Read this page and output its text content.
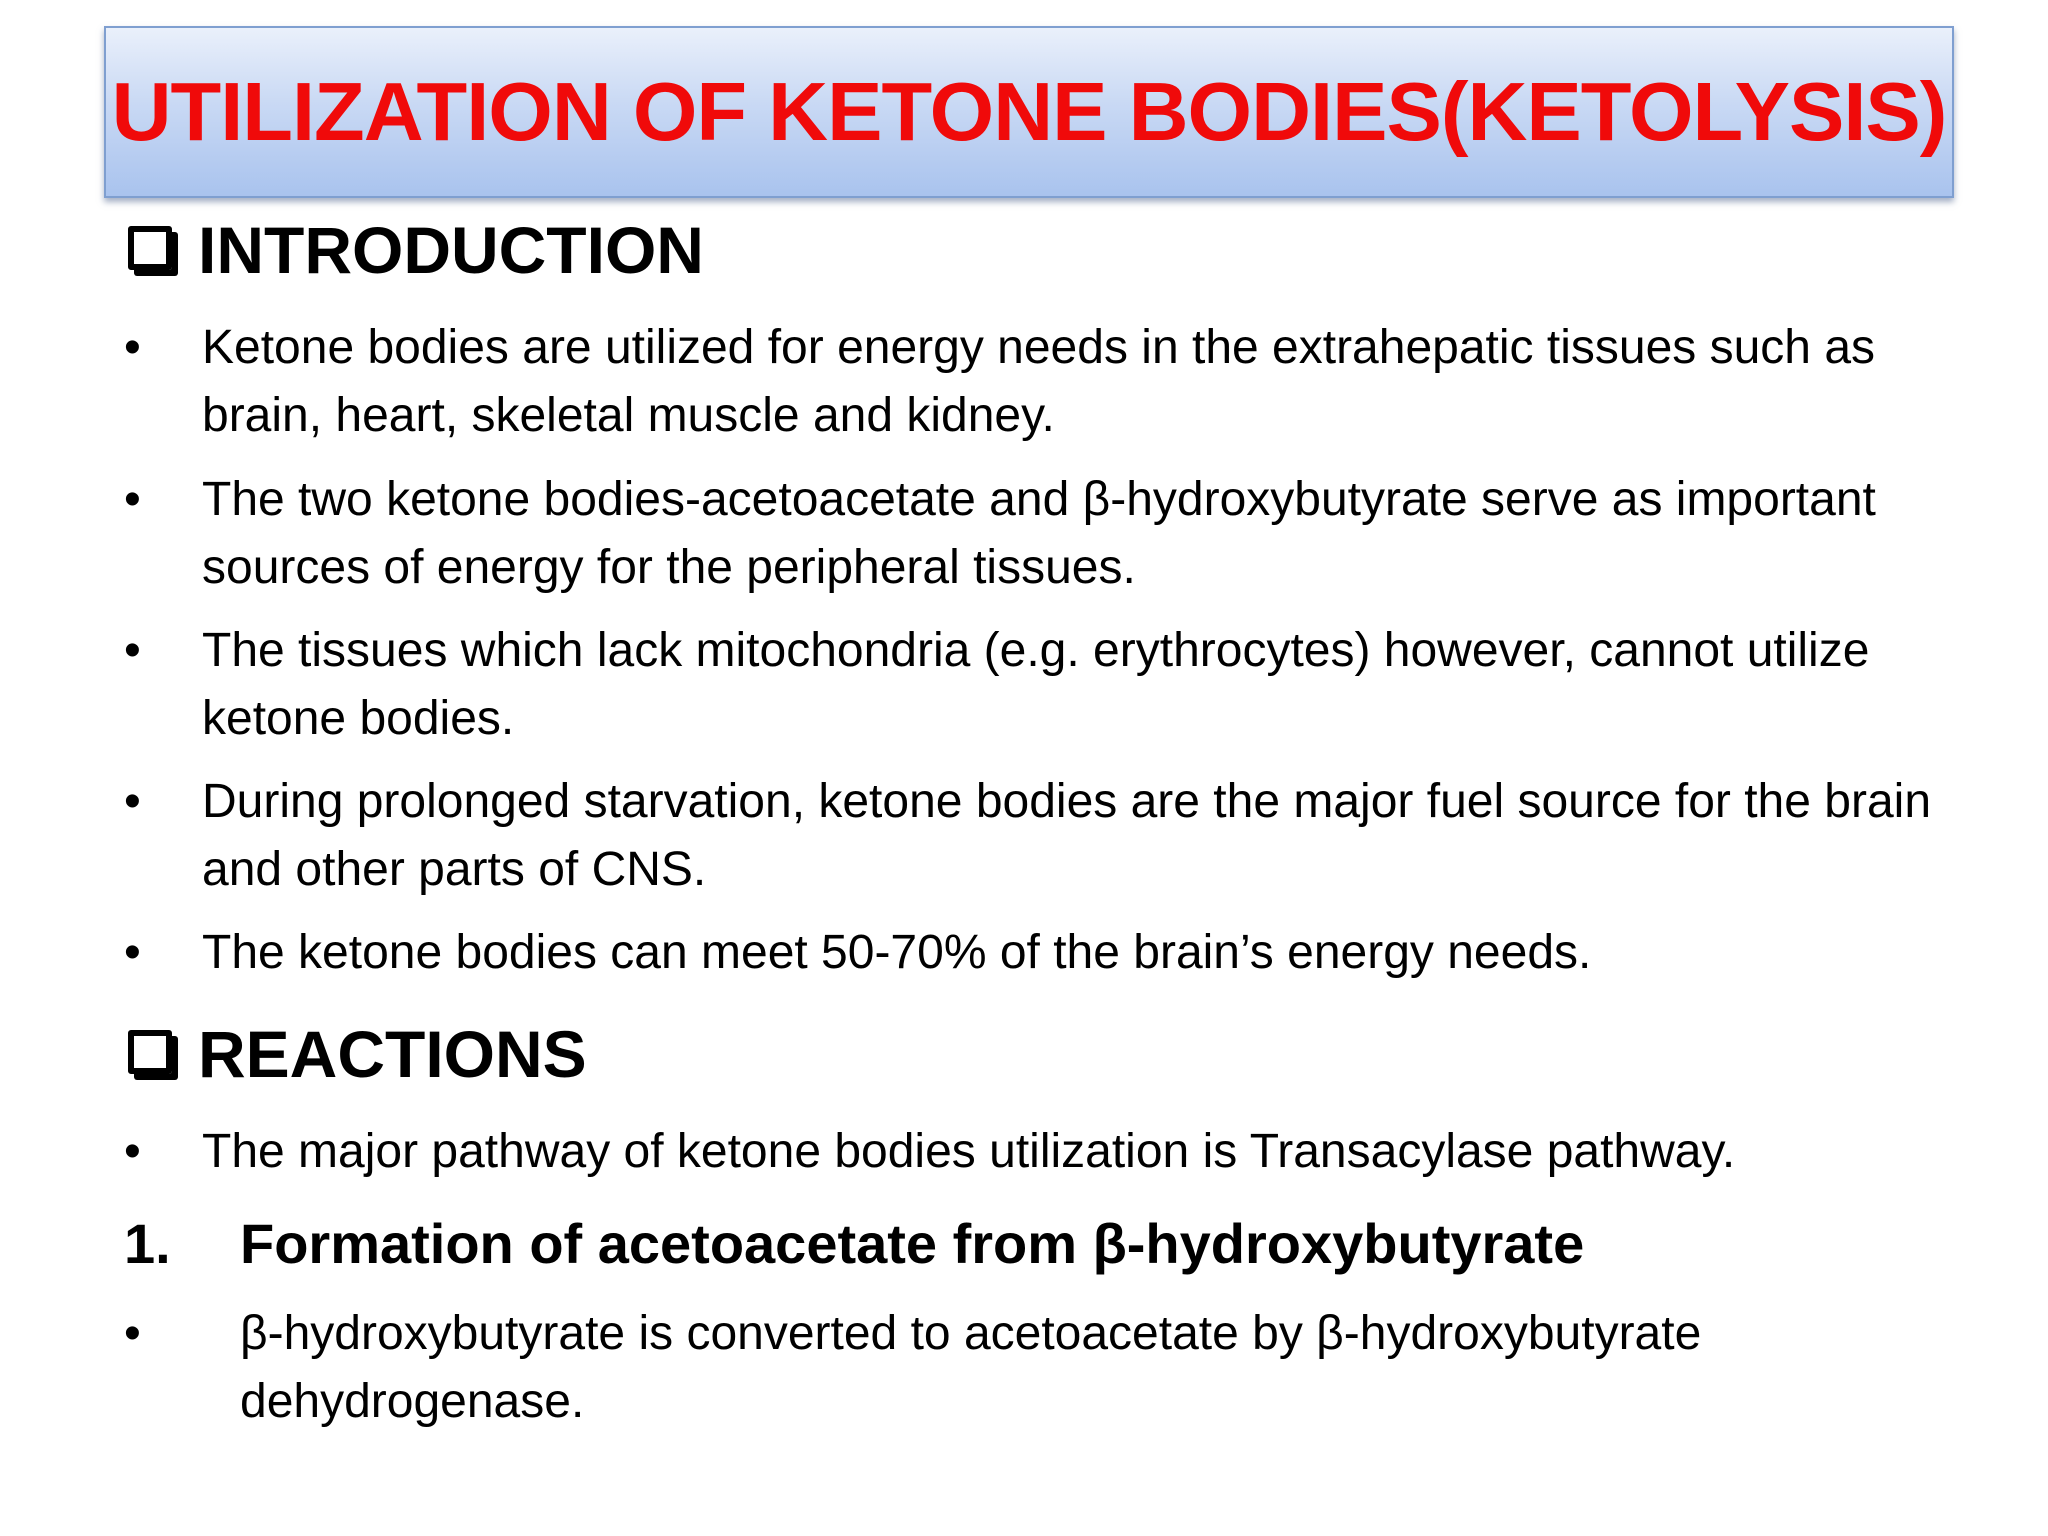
UTILIZATION OF KETONE BODIES(KETOLYSIS)
INTRODUCTION
•	Ketone bodies are utilized for energy needs in the extrahepatic tissues such as brain, heart, skeletal muscle and kidney.
•	The two ketone bodies-acetoacetate and β-hydroxybutyrate serve as important sources of energy for the peripheral tissues.
•	The tissues which lack mitochondria (e.g. erythrocytes) however, cannot utilize ketone bodies.
•	During prolonged starvation, ketone bodies are the major fuel source for the brain and other parts of CNS.
•	The ketone bodies can meet 50-70% of the brain’s energy needs.
REACTIONS
•	The major pathway of ketone bodies utilization is Transacylase pathway.
1. Formation of acetoacetate from β-hydroxybutyrate
•	β-hydroxybutyrate is converted to acetoacetate by β-hydroxybutyrate dehydrogenase.
